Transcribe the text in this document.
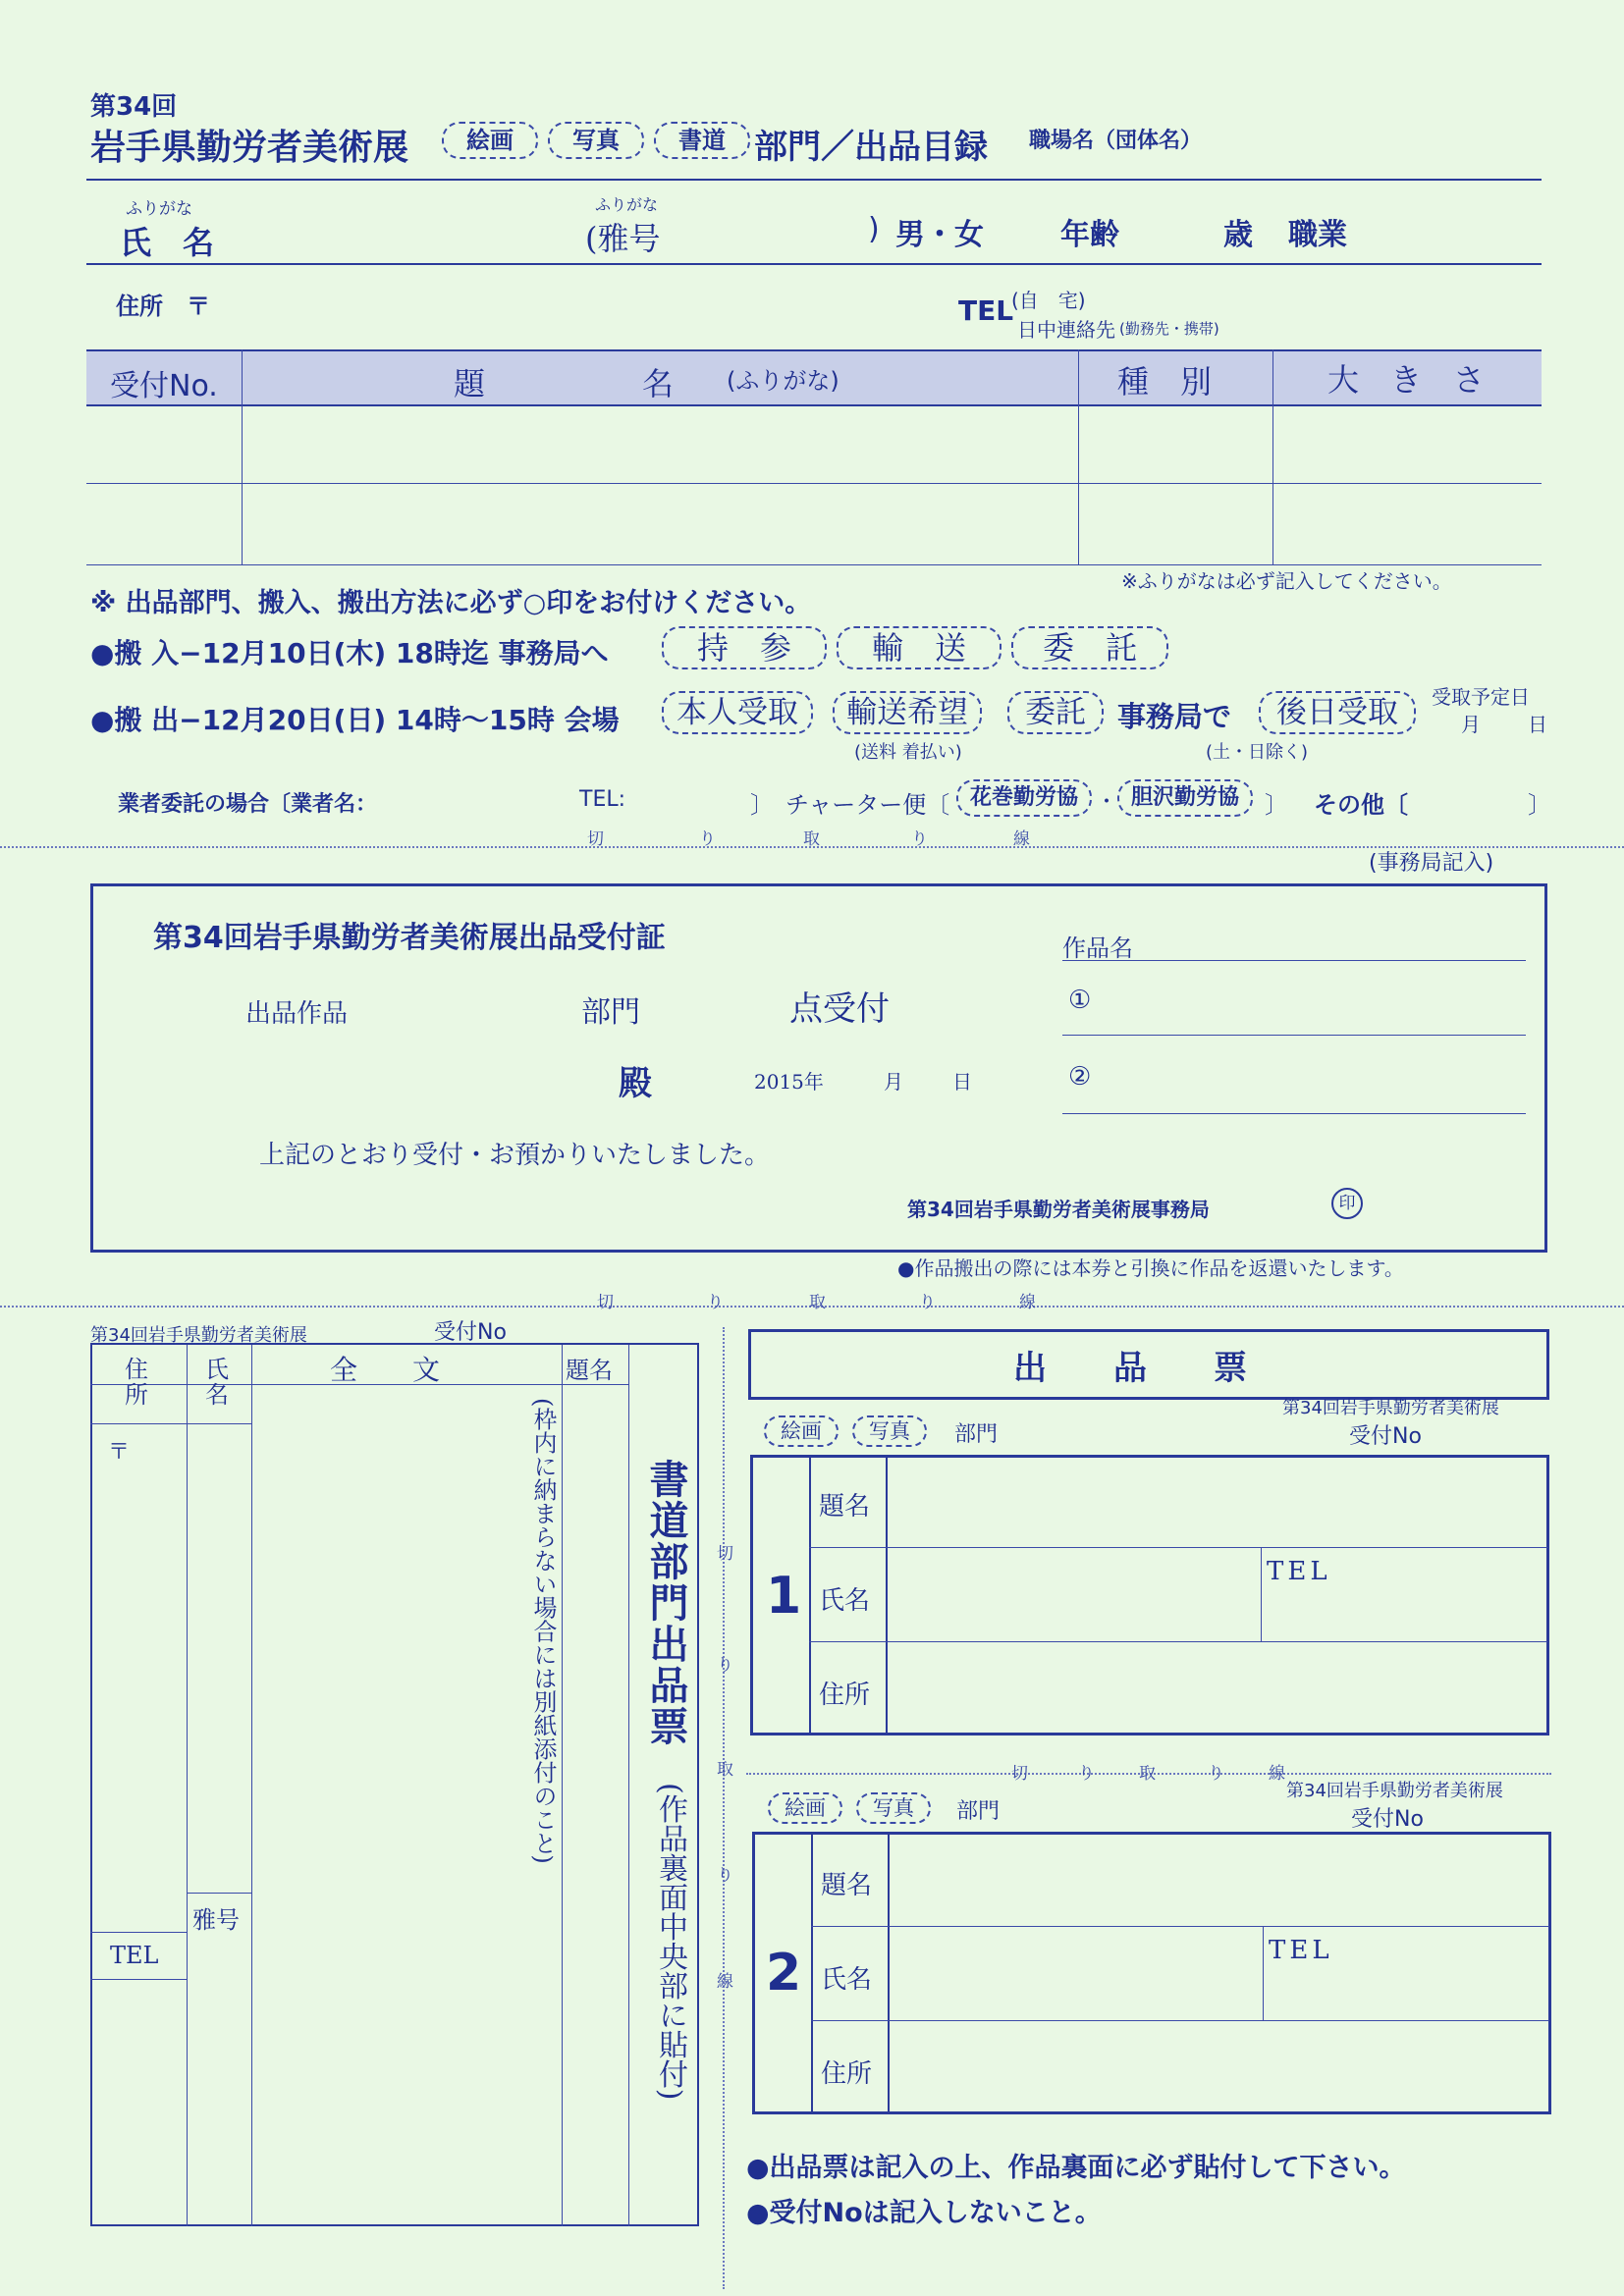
第34回
岩手県勤労者美術展	絵画	写真	書道 部門／出品目録 職場名（団体名）
ふりがな
氏　名
ふりがな
(雅号	) 男・女	年齢	歳 職業
住所　〒	TEL
(自　宅)
日中連絡先 (勤務先・携帯)
受付No.	題　　　　　名 (ふりがな)	種　別	大　き　さ
※ふりがなは必ず記入してください。
※ 出品部門、搬入、搬出方法に必ず○印をお付けください。
●搬 入−12月10日(木) 18時迄 事務局へ	持　参	輸　送	委　託
●搬 出−12月20日(日) 14時～15時 会場	本人受取	輸送希望
(送料 着払い)
委託	事務局で	後日受取
(土・日除く)
受取予定日
月 日
業者委託の場合〔業者名：	TEL:	〕 チャーター便〔 花巻勤労協 ・ 胆沢勤労協	〕 その他〔	〕
切	り	取	り	線
(事務局記入)
第34回岩手県勤労者美術展出品受付証	作品名
出品作品	部門	点受付	①
殿	2015年	月	日	②
上記のとおり受付・お預かりいたしました。
第34回岩手県勤労者美術展事務局	印
●作品搬出の際には本券と引換に作品を返還いたします。
切	り	取	り	線
第34回岩手県勤労者美術展	受付No
住所
氏名
全　　文	題名
〒
雅号
TEL
(枠内に納まらない場合には別紙添付のこと) 書道部門出品票
(作品裏面中央部に貼付)
切
り
取
り
線
出　　品　　票
絵画	写真	部門
第34回岩手県勤労者美術展
受付No
1
題名
氏名
TEL
住所
切	り	取	り	線
絵画	写真	部門
第34回岩手県勤労者美術展
受付No
2
題名
氏名
TEL
住所
●出品票は記入の上、作品裏面に必ず貼付して下さい。
●受付Noは記入しないこと。
